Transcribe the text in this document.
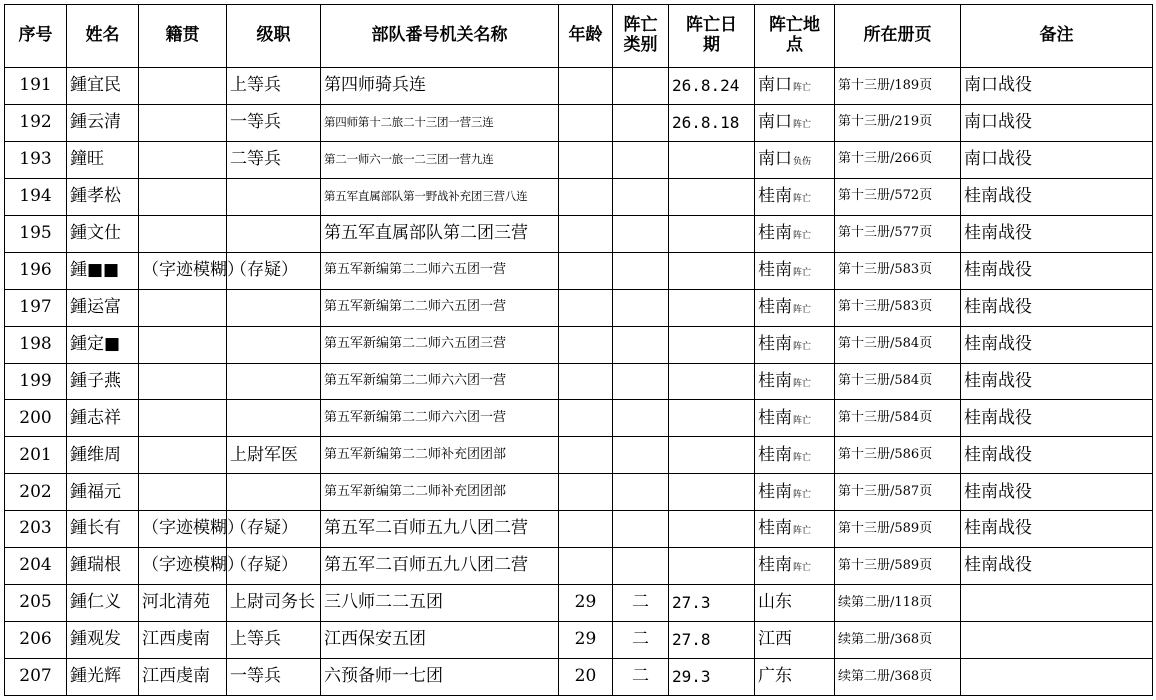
序号	姓名	籍贯	级职	部队番号机关名称	年龄	阵亡类别	阵亡日期	阵亡地点	所在册页	备注
191	鍾宜民		上等兵	第四师骑兵连			26.8.24	南口阵亡	第十三册/189页	南口战役
192	鍾云清		一等兵	第四师第十二旅二十三团一营三连			26.8.18	南口阵亡	第十三册/219页	南口战役
193	鐘旺		二等兵	第二一师六一旅一二三团一营九连				南口负伤	第十三册/266页	南口战役
194	鍾孝松			第五军直属部队第一野战补充团三营八连				桂南阵亡	第十三册/572页	桂南战役
195	鍾文仕			第五军直属部队第二团三营				桂南阵亡	第十三册/577页	桂南战役
196	鍾■■	（字迹模糊）	（存疑）	第五军新编第二二师六五团一营				桂南阵亡	第十三册/583页	桂南战役
197	鍾运富			第五军新编第二二师六五团一营				桂南阵亡	第十三册/583页	桂南战役
198	鍾定■			第五军新编第二二师六五团三营				桂南阵亡	第十三册/584页	桂南战役
199	鍾子燕			第五军新编第二二师六六团一营				桂南阵亡	第十三册/584页	桂南战役
200	鍾志祥			第五军新编第二二师六六团一营				桂南阵亡	第十三册/584页	桂南战役
201	鍾维周		上尉军医	第五军新编第二二师补充团团部				桂南阵亡	第十三册/586页	桂南战役
202	鍾福元			第五军新编第二二师补充团团部				桂南阵亡	第十三册/587页	桂南战役
203	鍾长有	（字迹模糊）	（存疑）	第五军二百师五九八团二营				桂南阵亡	第十三册/589页	桂南战役
204	鍾瑞根	（字迹模糊）	（存疑）	第五军二百师五九八团二营				桂南阵亡	第十三册/589页	桂南战役
205	鍾仁义	河北清苑	上尉司务长	三八师二二五团	29	二	27.3	山东	续第二册/118页	
206	鍾观发	江西虔南	上等兵	江西保安五团	29	二	27.8	江西	续第二册/368页	
207	鍾光辉	江西虔南	一等兵	六预备师一七团	20	二	29.3	广东	续第二册/368页	
